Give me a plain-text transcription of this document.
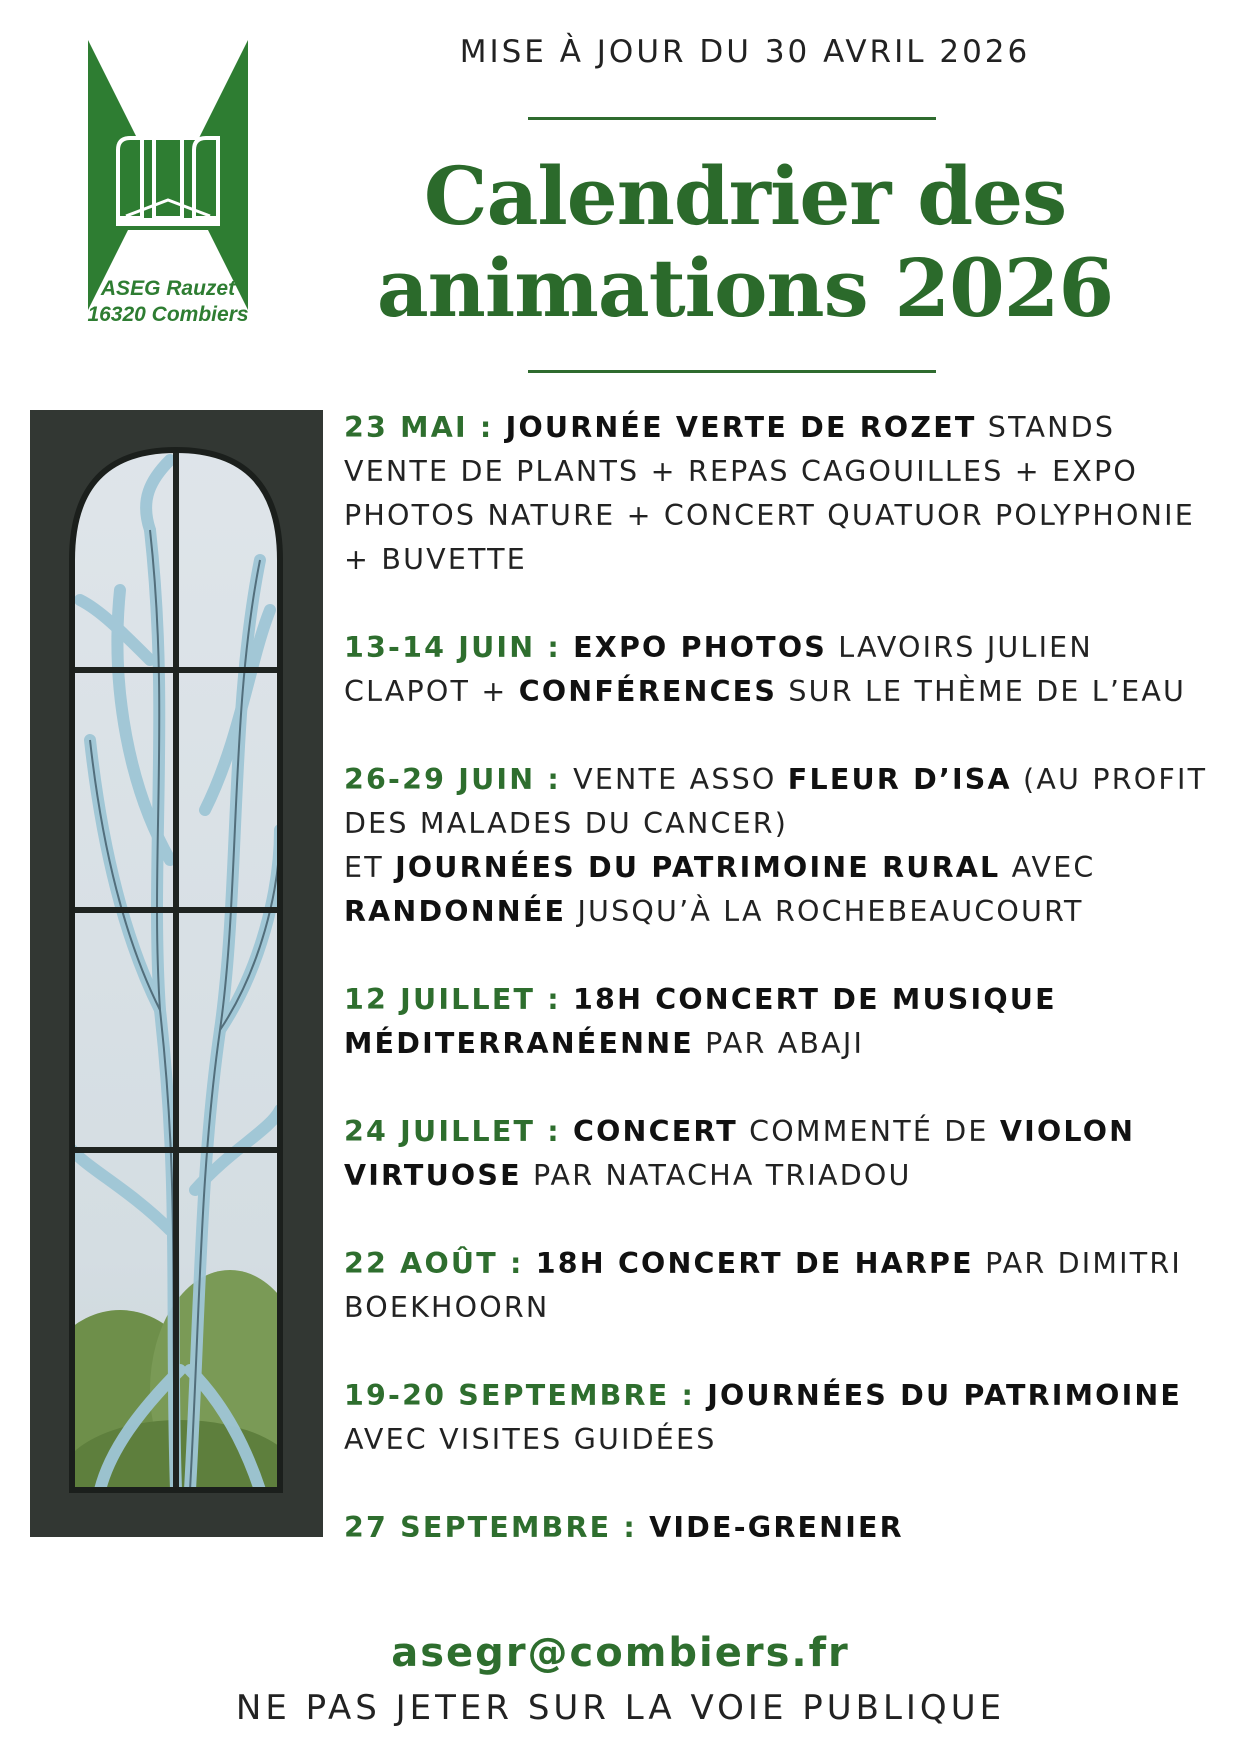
ASEG Rauzet
16320 Combiers
MISE À JOUR DU 30 AVRIL 2026
Calendrier des
animations 2026
23 MAI : JOURNÉE VERTE DE ROZET STANDS VENTE DE PLANTS + REPAS CAGOUILLES + EXPO PHOTOS NATURE + CONCERT QUATUOR POLYPHONIE + BUVETTE
13-14 JUIN : EXPO PHOTOS LAVOIRS JULIEN CLAPOT + CONFÉRENCES SUR LE THÈME DE L’EAU
26-29 JUIN : VENTE ASSO FLEUR D’ISA (AU PROFIT DES MALADES DU CANCER)
ET JOURNÉES DU PATRIMOINE RURAL AVEC RANDONNÉE JUSQU’À LA ROCHEBEAUCOURT
12 JUILLET : 18H CONCERT DE MUSIQUE MÉDITERRANÉENNE PAR ABAJI
24 JUILLET : CONCERT COMMENTÉ DE VIOLON VIRTUOSE PAR NATACHA TRIADOU
22 AOÛT : 18H CONCERT DE HARPE PAR DIMITRI BOEKHOORN
19-20 SEPTEMBRE : JOURNÉES DU PATRIMOINE AVEC VISITES GUIDÉES
27 SEPTEMBRE : VIDE-GRENIER
asegr@combiers.fr
NE PAS JETER SUR LA VOIE PUBLIQUE
